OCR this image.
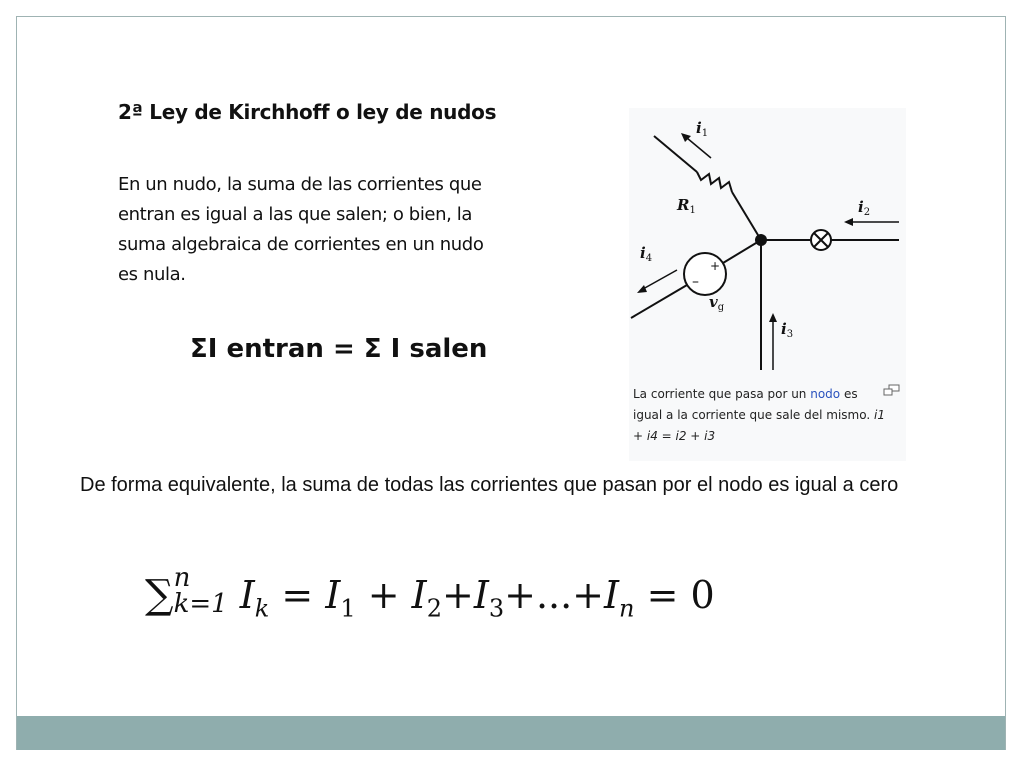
2ª Ley de Kirchhoff o ley de nudos
En un nudo, la suma de las corrientes que
entran es igual a las que salen; o bien, la
suma algebraica de corrientes en un nudo
es nula.
ΣI entran = Σ I salen
+
–
$i_1$
$i_2$
$i_3$
$i_4$
$R_1$
$v_g$
La corriente que pasa por un nodo es igual a la corriente que sale del mismo. i1 + i4 = i2 + i3
De forma equivalente, la suma de todas las corrientes que pasan por el nodo es igual a cero
∑ n
k=1 $I_k = I_1 + I_2+I_3+...+I_n = 0$
